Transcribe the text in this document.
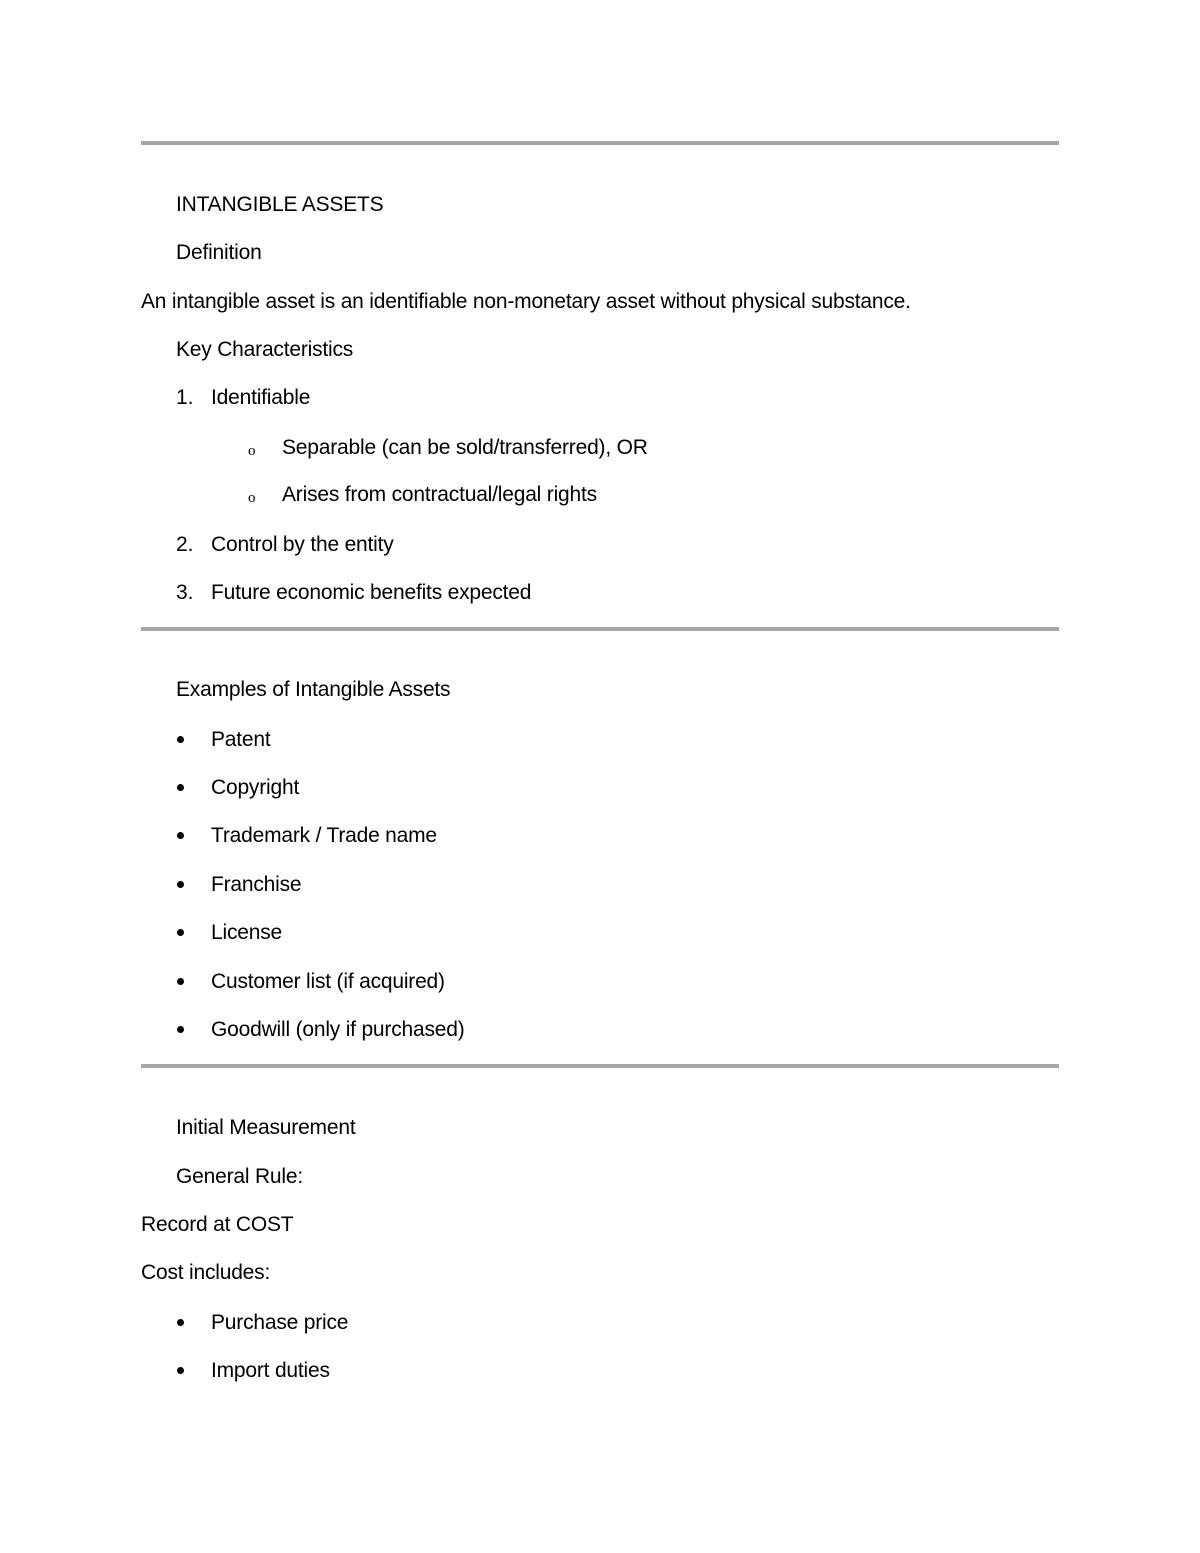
INTANGIBLE ASSETS
Definition
An intangible asset is an identifiable non-monetary asset without physical substance.
Key Characteristics
1. Identifiable
o Separable (can be sold/transferred), OR
o Arises from contractual/legal rights
2. Control by the entity
3. Future economic benefits expected
Examples of Intangible Assets
Patent
Copyright
Trademark / Trade name
Franchise
License
Customer list (if acquired)
Goodwill (only if purchased)
Initial Measurement
General Rule:
Record at COST
Cost includes:
Purchase price
Import duties
